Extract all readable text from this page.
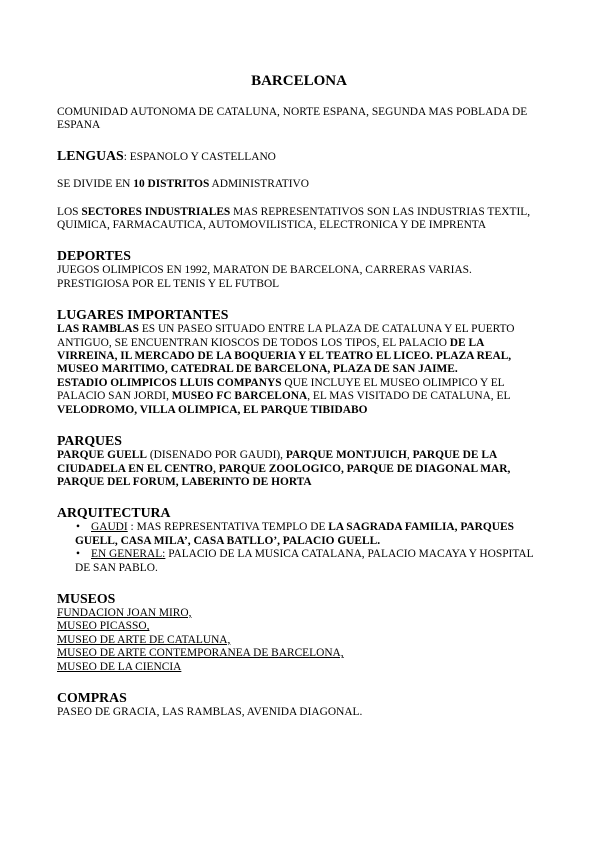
BARCELONA

COMUNIDAD AUTONOMA DE CATALUNA, NORTE ESPANA, SEGUNDA MAS POBLADA DE ESPANA

LENGUAS: ESPANOLO Y CASTELLANO

SE DIVIDE EN 10 DISTRITOS ADMINISTRATIVO

LOS SECTORES INDUSTRIALES MAS REPRESENTATIVOS SON LAS INDUSTRIAS TEXTIL, QUIMICA, FARMACAUTICA, AUTOMOVILISTICA, ELECTRONICA Y DE IMPRENTA

DEPORTES

JUEGOS OLIMPICOS EN 1992, MARATON DE BARCELONA, CARRERAS VARIAS. PRESTIGIOSA POR EL TENIS Y EL FUTBOL

LUGARES IMPORTANTES

LAS RAMBLAS ES UN PASEO SITUADO ENTRE LA PLAZA DE CATALUNA Y EL PUERTO ANTIGUO, SE ENCUENTRAN KIOSCOS DE TODOS LOS TIPOS, EL PALACIO DE LA VIRREINA, IL MERCADO DE LA BOQUERIA Y EL TEATRO EL LICEO. PLAZA REAL, MUSEO MARITIMO, CATEDRAL DE BARCELONA, PLAZA DE SAN JAIME.

ESTADIO OLIMPICOS LLUIS COMPANYS QUE INCLUYE EL MUSEO OLIMPICO Y EL PALACIO SAN JORDI, MUSEO FC BARCELONA, EL MAS VISITADO DE CATALUNA, EL VELODROMO, VILLA OLIMPICA, EL PARQUE TIBIDABO

PARQUES

PARQUE GUELL (DISENADO POR GAUDI), PARQUE MONTJUICH, PARQUE DE LA CIUDADELA EN EL CENTRO, PARQUE ZOOLOGICO, PARQUE DE DIAGONAL MAR, PARQUE DEL FORUM, LABERINTO DE HORTA

ARQUITECTURA
• GAUDI : MAS REPRESENTATIVA TEMPLO DE LA SAGRADA FAMILIA, PARQUES GUELL, CASA MILA’, CASA BATLLO’, PALACIO GUELL.
• EN GENERAL: PALACIO DE LA MUSICA CATALANA, PALACIO MACAYA Y HOSPITAL DE SAN PABLO.
MUSEOS
FUNDACION JOAN MIRO,
MUSEO PICASSO,
MUSEO DE ARTE DE CATALUNA,
MUSEO DE ARTE CONTEMPORANEA DE BARCELONA,
MUSEO DE LA CIENCIA
COMPRAS

PASEO DE GRACIA, LAS RAMBLAS, AVENIDA DIAGONAL.
